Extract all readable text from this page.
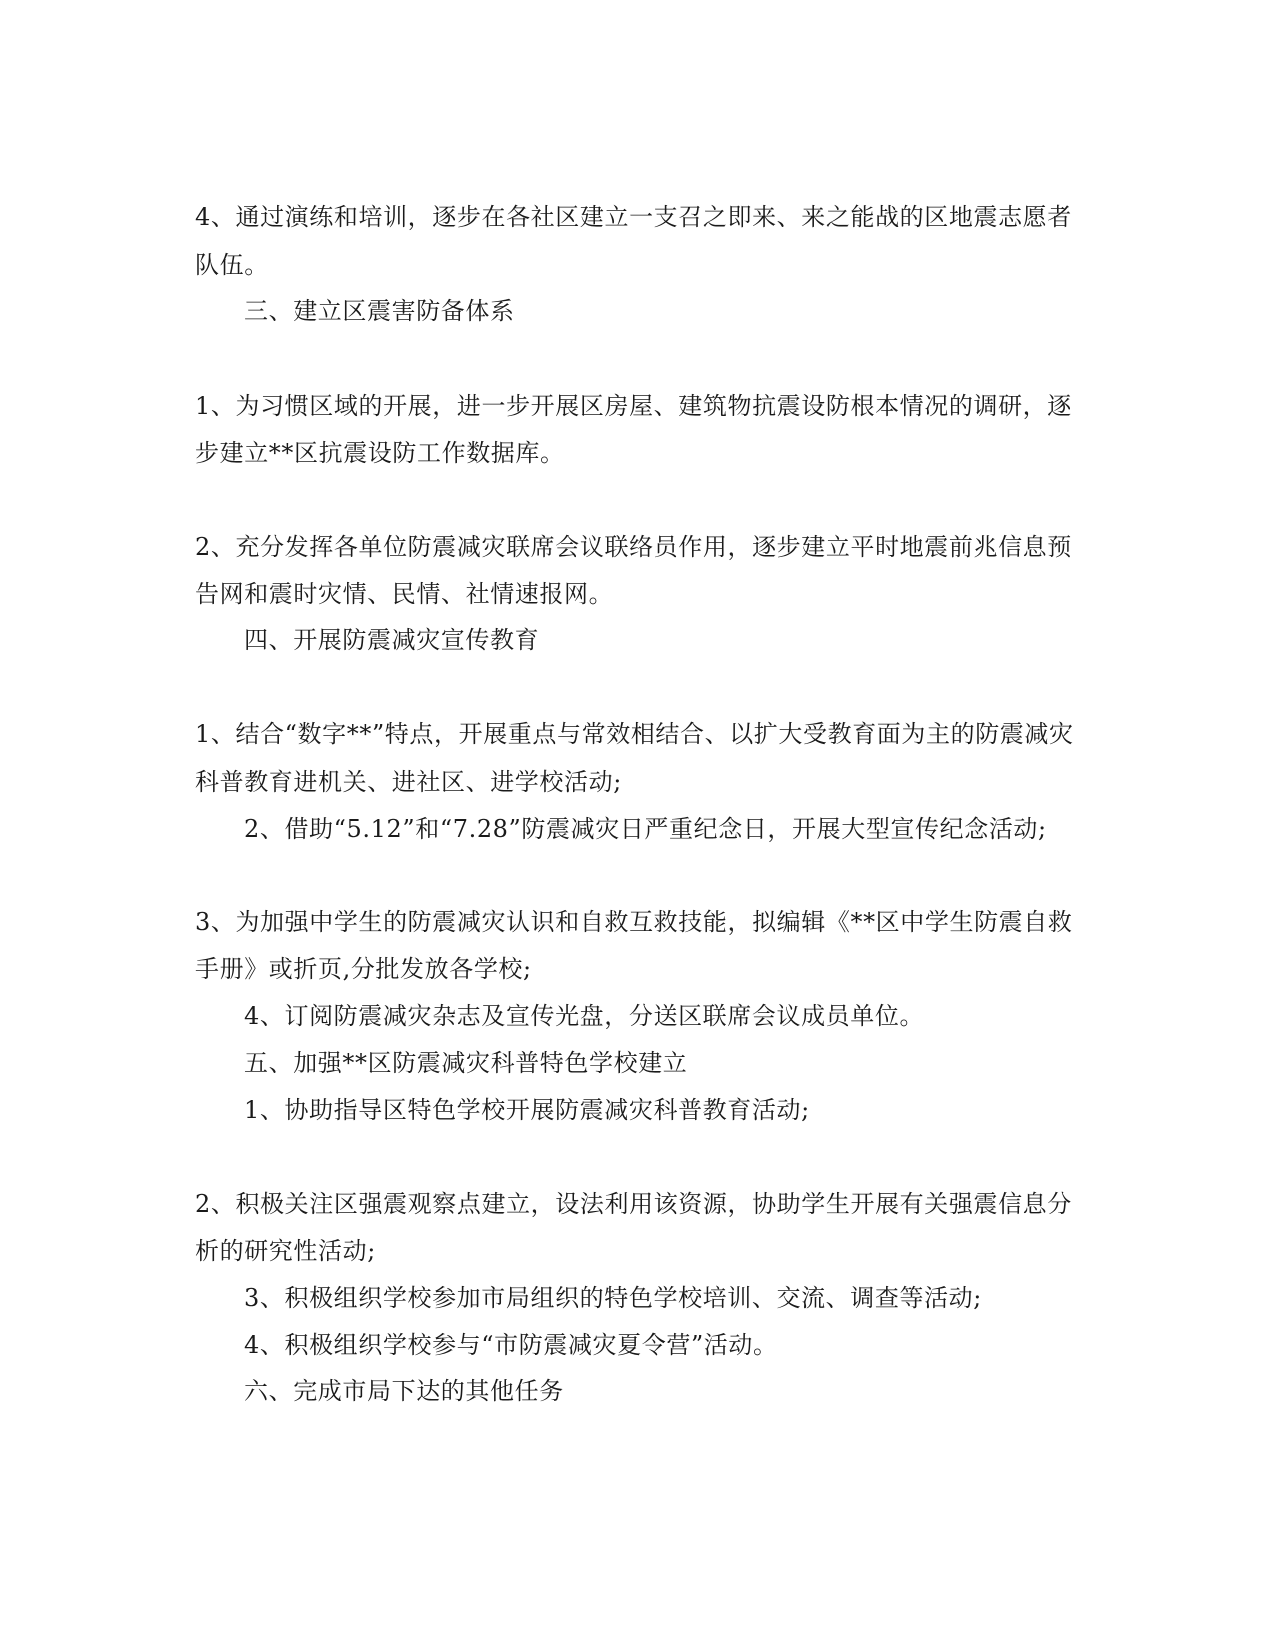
4、通过演练和培训，逐步在各社区建立一支召之即来、来之能战的区地震志愿者
队伍。
三、建立区震害防备体系
1、为习惯区域的开展，进一步开展区房屋、建筑物抗震设防根本情况的调研，逐
步建立**区抗震设防工作数据库。
2、充分发挥各单位防震减灾联席会议联络员作用，逐步建立平时地震前兆信息预
告网和震时灾情、民情、社情速报网。
四、开展防震减灾宣传教育
1、结合“数字**”特点，开展重点与常效相结合、以扩大受教育面为主的防震减灾
科普教育进机关、进社区、进学校活动;
2、借助“5.12”和“7.28”防震减灾日严重纪念日，开展大型宣传纪念活动;
3、为加强中学生的防震减灾认识和自救互救技能，拟编辑《**区中学生防震自救
手册》或折页,分批发放各学校;
4、订阅防震减灾杂志及宣传光盘，分送区联席会议成员单位。
五、加强**区防震减灾科普特色学校建立
1、协助指导区特色学校开展防震减灾科普教育活动;
2、积极关注区强震观察点建立，设法利用该资源，协助学生开展有关强震信息分
析的研究性活动;
3、积极组织学校参加市局组织的特色学校培训、交流、调查等活动;
4、积极组织学校参与“市防震减灾夏令营”活动。
六、完成市局下达的其他任务
